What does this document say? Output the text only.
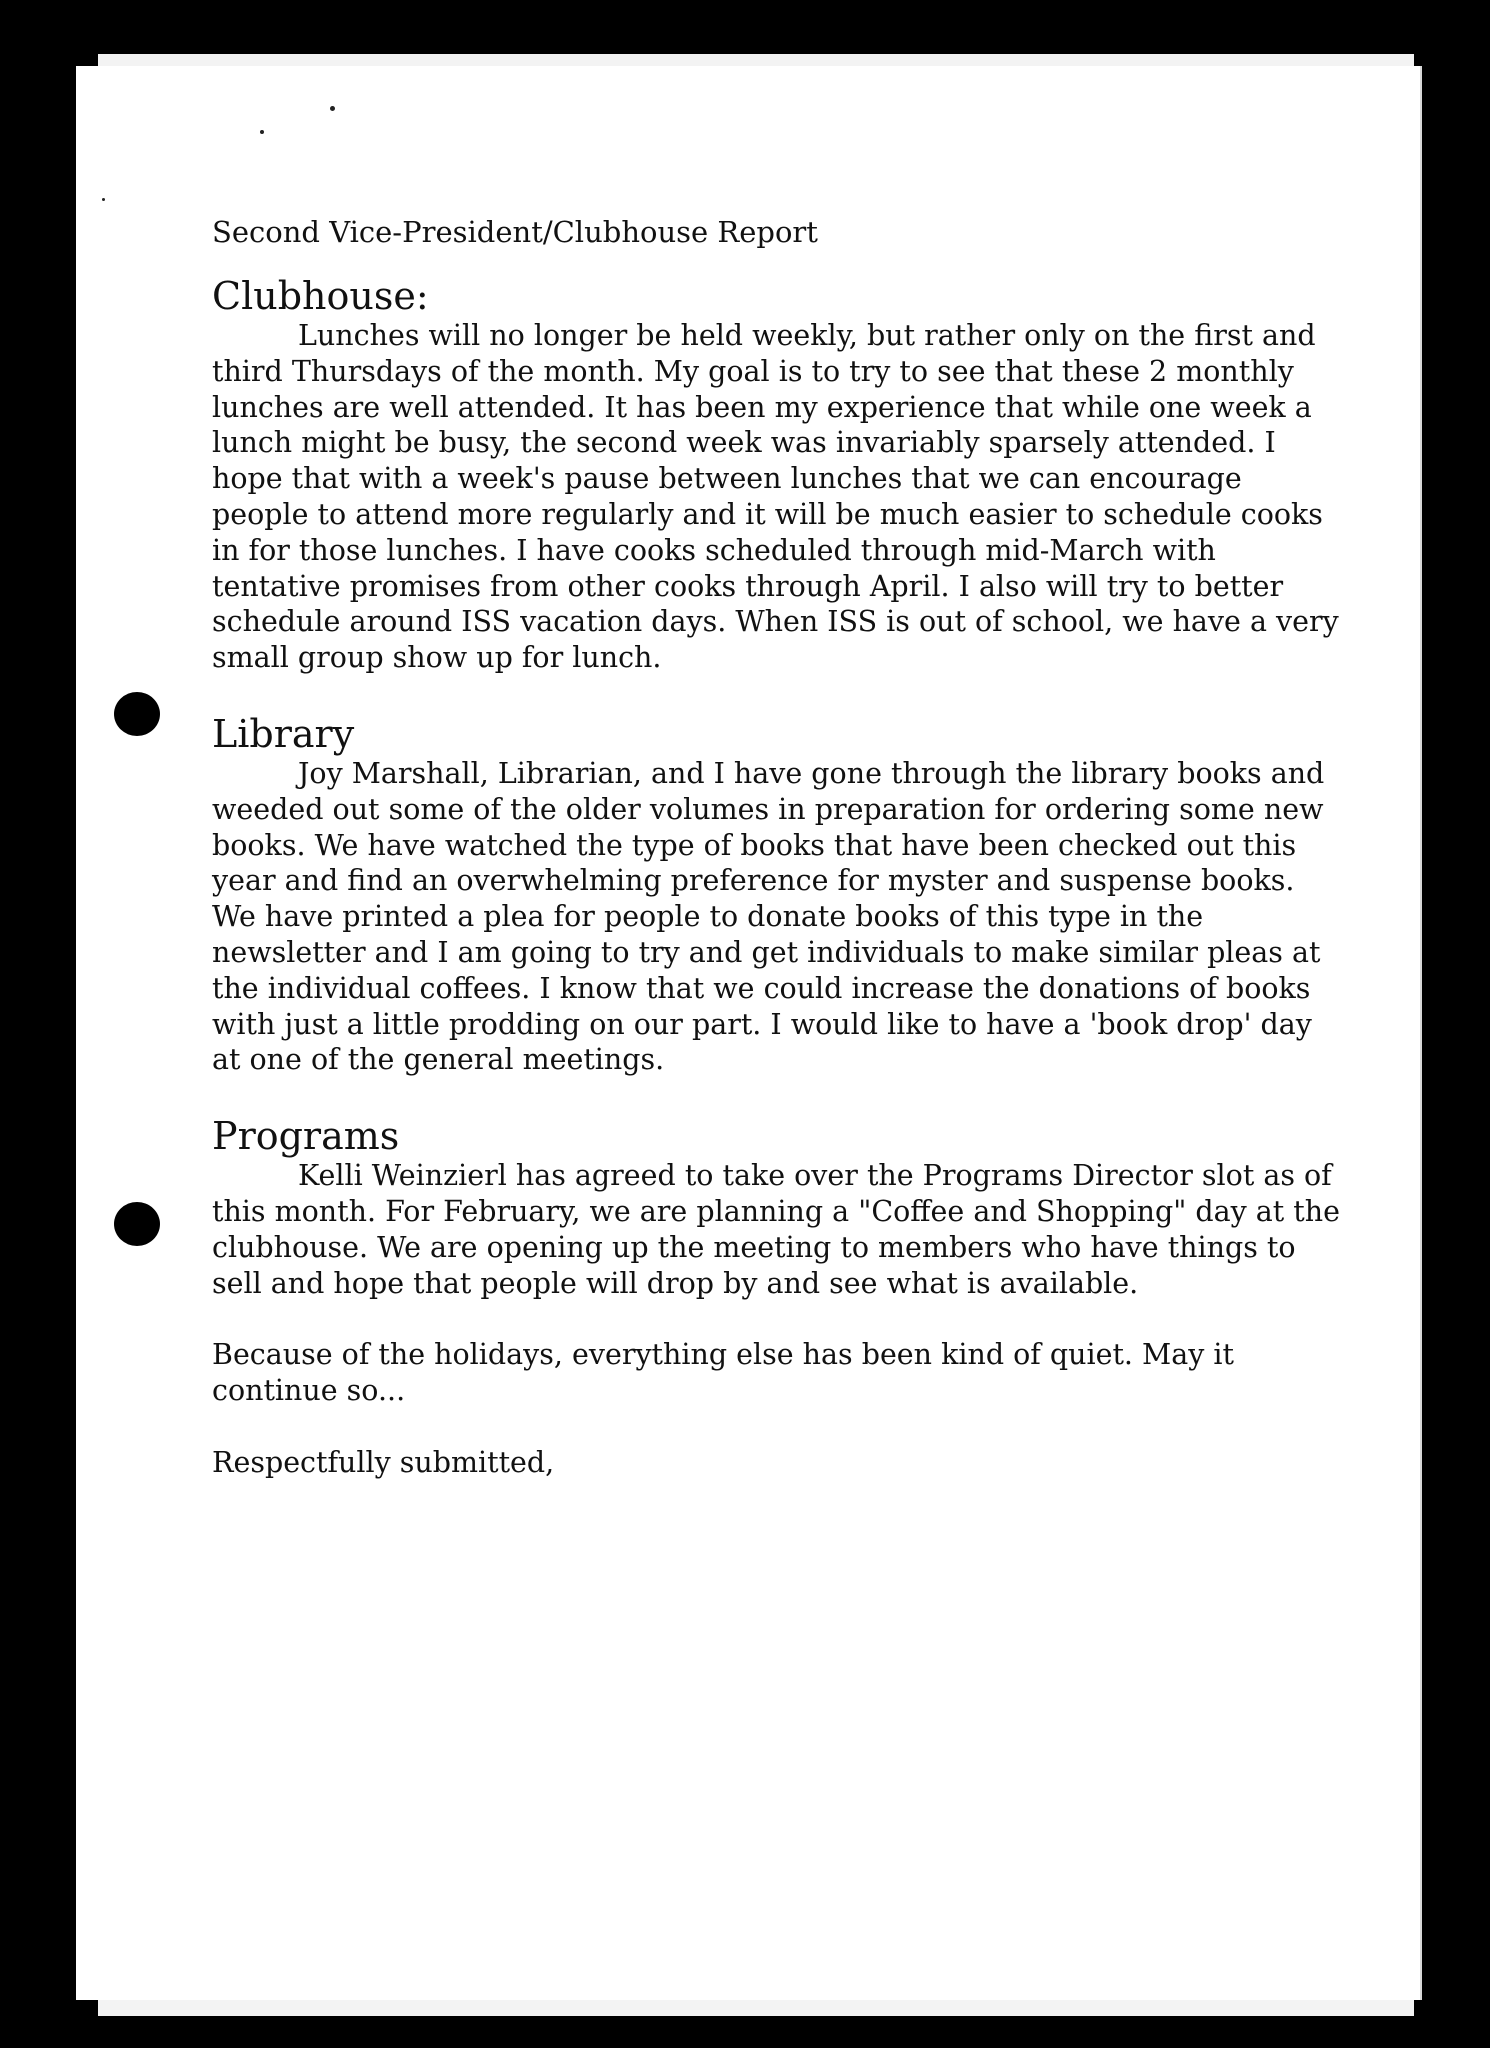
Second Vice-President/Clubhouse Report

Clubhouse:

Lunches will no longer be held weekly, but rather only on the first and third Thursdays of the month. My goal is to try to see that these 2 monthly lunches are well attended. It has been my experience that while one week a lunch might be busy, the second week was invariably sparsely attended. I hope that with a week's pause between lunches that we can encourage people to attend more regularly and it will be much easier to schedule cooks in for those lunches. I have cooks scheduled through mid-March with tentative promises from other cooks through April. I also will try to better schedule around ISS vacation days. When ISS is out of school, we have a very small group show up for lunch.

Library

Joy Marshall, Librarian, and I have gone through the library books and weeded out some of the older volumes in preparation for ordering some new books. We have watched the type of books that have been checked out this year and find an overwhelming preference for myster and suspense books. We have printed a plea for people to donate books of this type in the newsletter and I am going to try and get individuals to make similar pleas at the individual coffees. I know that we could increase the donations of books with just a little prodding on our part. I would like to have a 'book drop' day at one of the general meetings.

Programs

Kelli Weinzierl has agreed to take over the Programs Director slot as of this month. For February, we are planning a "Coffee and Shopping" day at the clubhouse. We are opening up the meeting to members who have things to sell and hope that people will drop by and see what is available.

Because of the holidays, everything else has been kind of quiet. May it continue so...

Respectfully submitted,
